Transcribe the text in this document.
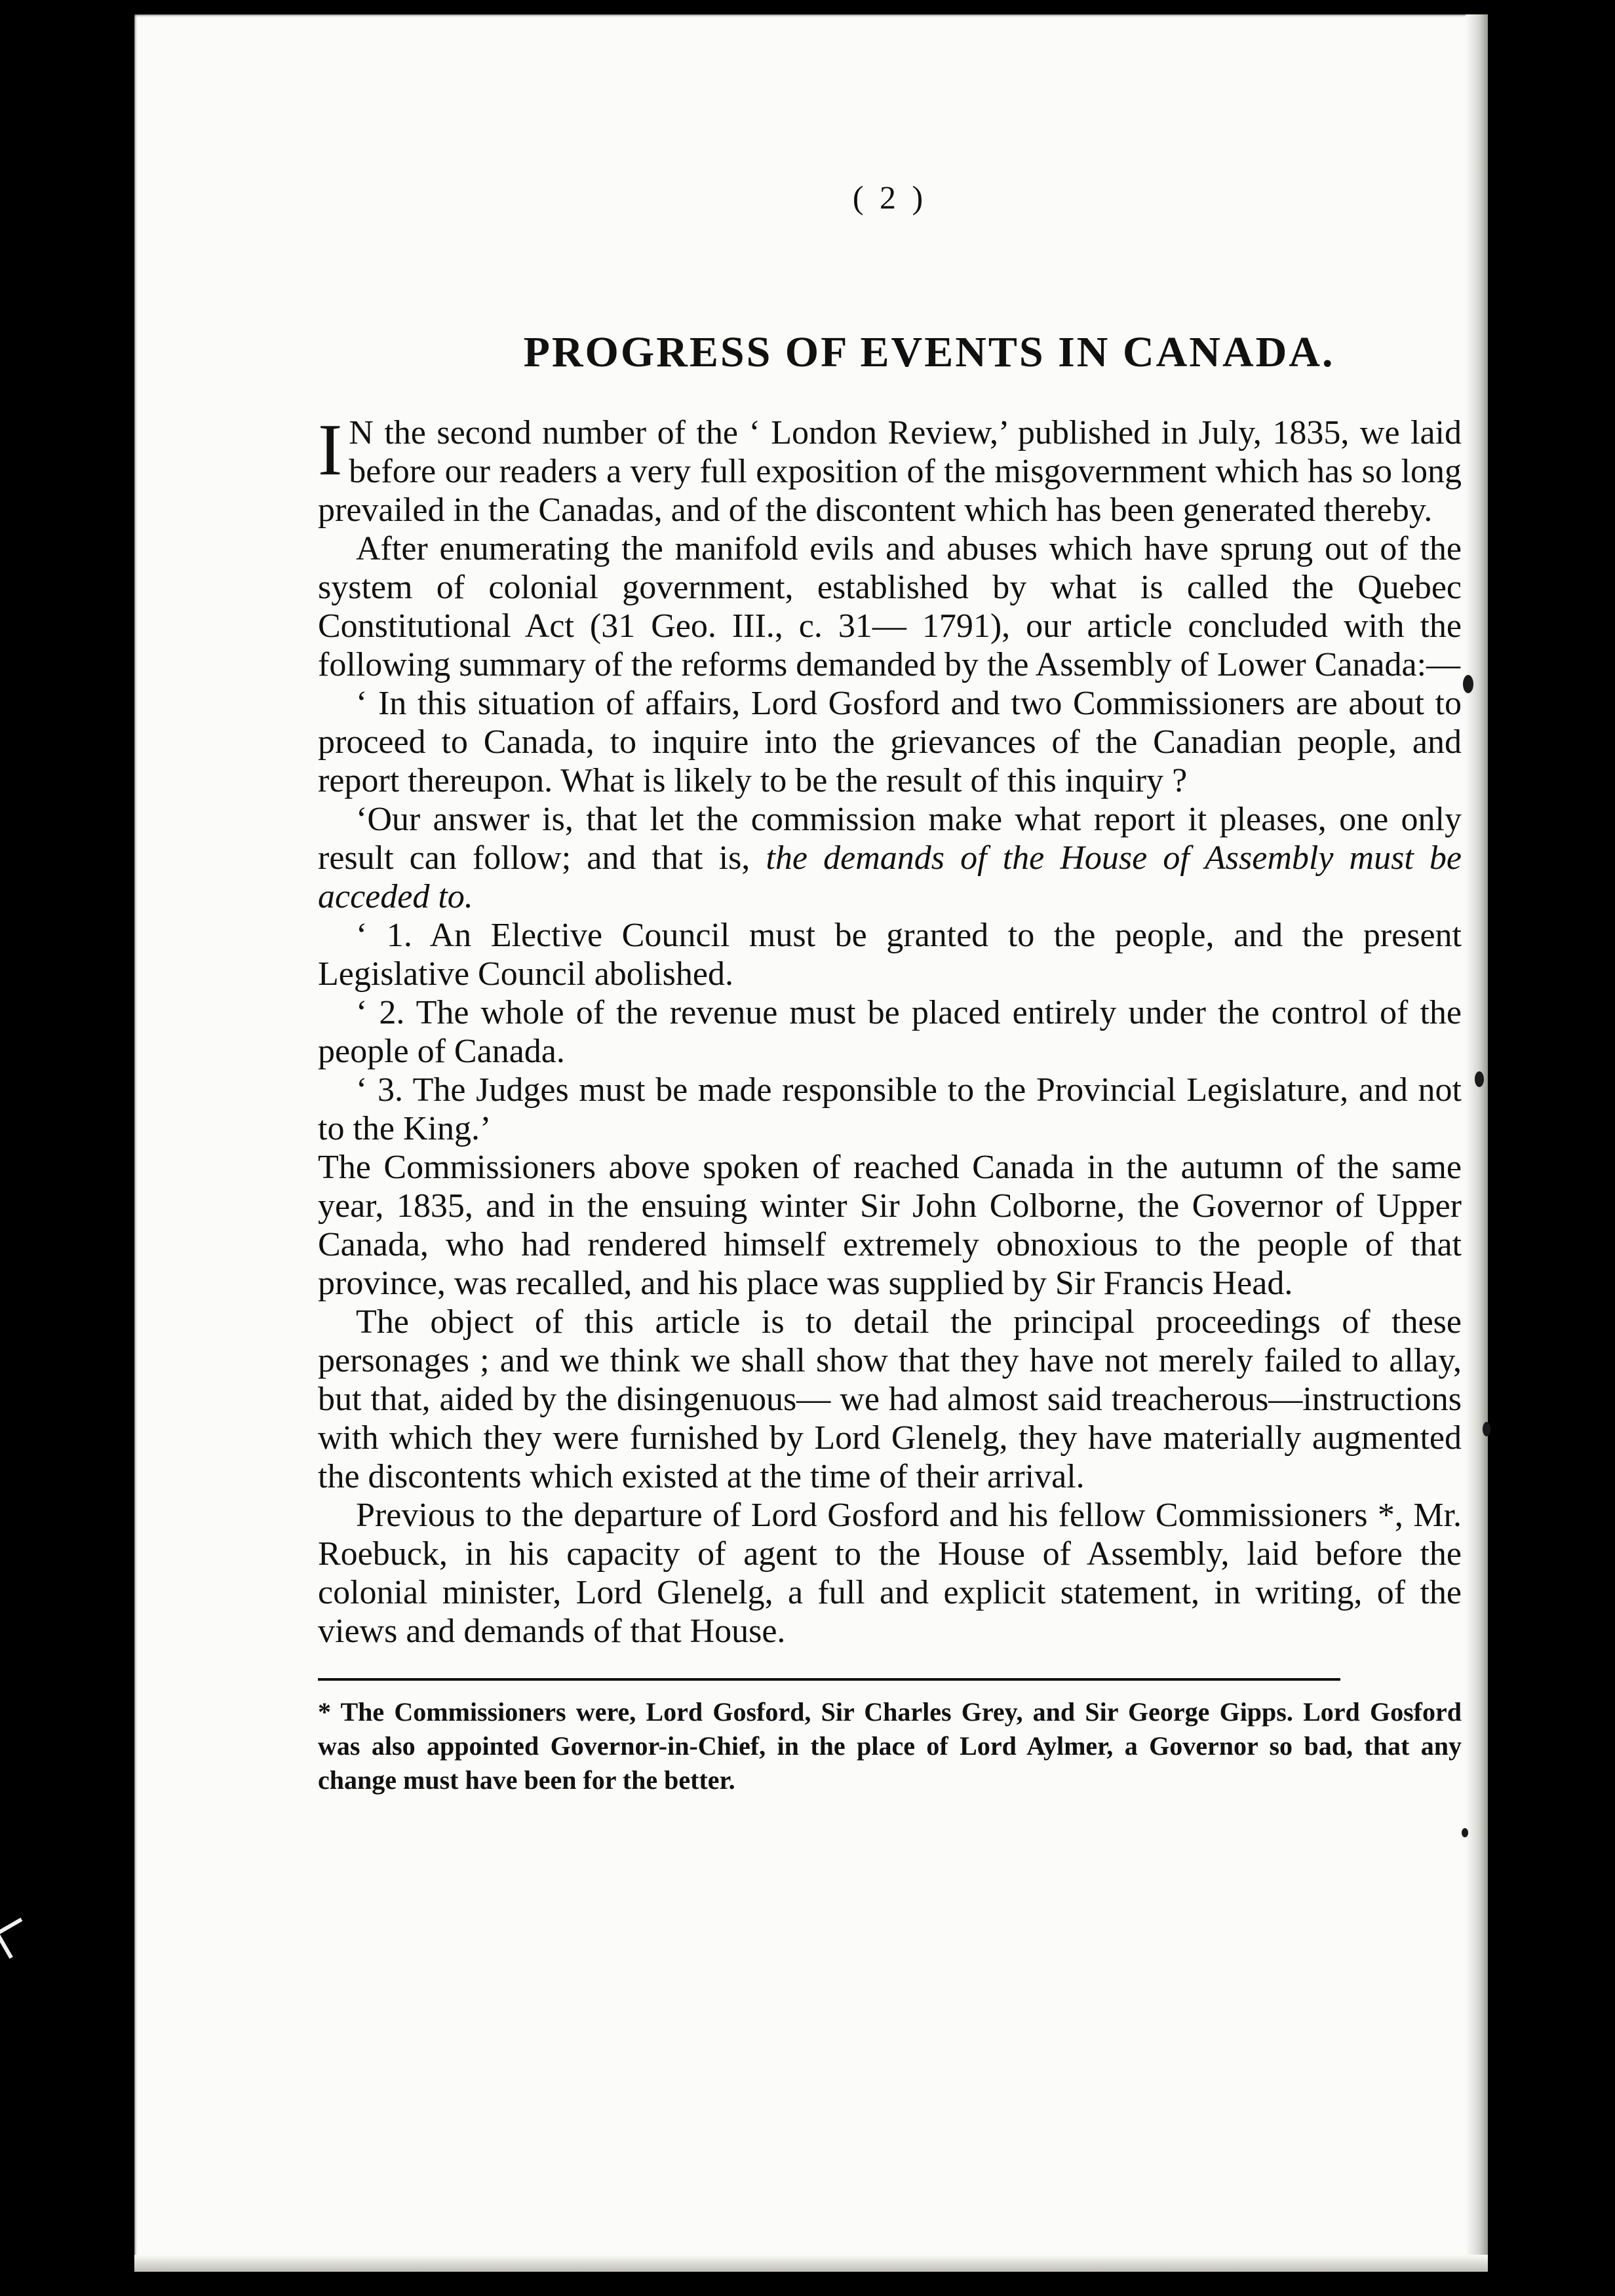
( 2 )
PROGRESS OF EVENTS IN CANADA.

I N the second number of the ‘ London Review,’ published in July, 1835, we laid before our readers a very full exposition of the misgovernment which has so long prevailed in the Canadas, and of the discontent which has been generated thereby.

After enumerating the manifold evils and abuses which have sprung out of the system of colonial government, established by what is called the Quebec Constitutional Act (31 Geo. III., c. 31— 1791), our article concluded with the following summary of the reforms demanded by the Assembly of Lower Canada:—

‘ In this situation of affairs, Lord Gosford and two Commissioners are about to proceed to Canada, to inquire into the grievances of the Canadian people, and report thereupon. What is likely to be the result of this inquiry ?

‘Our answer is, that let the commission make what report it pleases, one only result can follow; and that is, the demands of the House of Assembly must be acceded to.

‘ 1. An Elective Council must be granted to the people, and the present Legislative Council abolished.

‘ 2. The whole of the revenue must be placed entirely under the control of the people of Canada.

‘ 3. The Judges must be made responsible to the Provincial Legislature, and not to the King.’

The Commissioners above spoken of reached Canada in the autumn of the same year, 1835, and in the ensuing winter Sir John Colborne, the Governor of Upper Canada, who had rendered himself extremely obnoxious to the people of that province, was recalled, and his place was supplied by Sir Francis Head.

The object of this article is to detail the principal proceedings of these personages ; and we think we shall show that they have not merely failed to allay, but that, aided by the disingenuous— we had almost said treacherous—instructions with which they were furnished by Lord Glenelg, they have materially augmented the discontents which existed at the time of their arrival.

Previous to the departure of Lord Gosford and his fellow Commissioners *, Mr. Roebuck, in his capacity of agent to the House of Assembly, laid before the colonial minister, Lord Glenelg, a full and explicit statement, in writing, of the views and demands of that House.

* The Commissioners were, Lord Gosford, Sir Charles Grey, and Sir George Gipps. Lord Gosford was also appointed Governor-in-Chief, in the place of Lord Aylmer, a Governor so bad, that any change must have been for the better.
